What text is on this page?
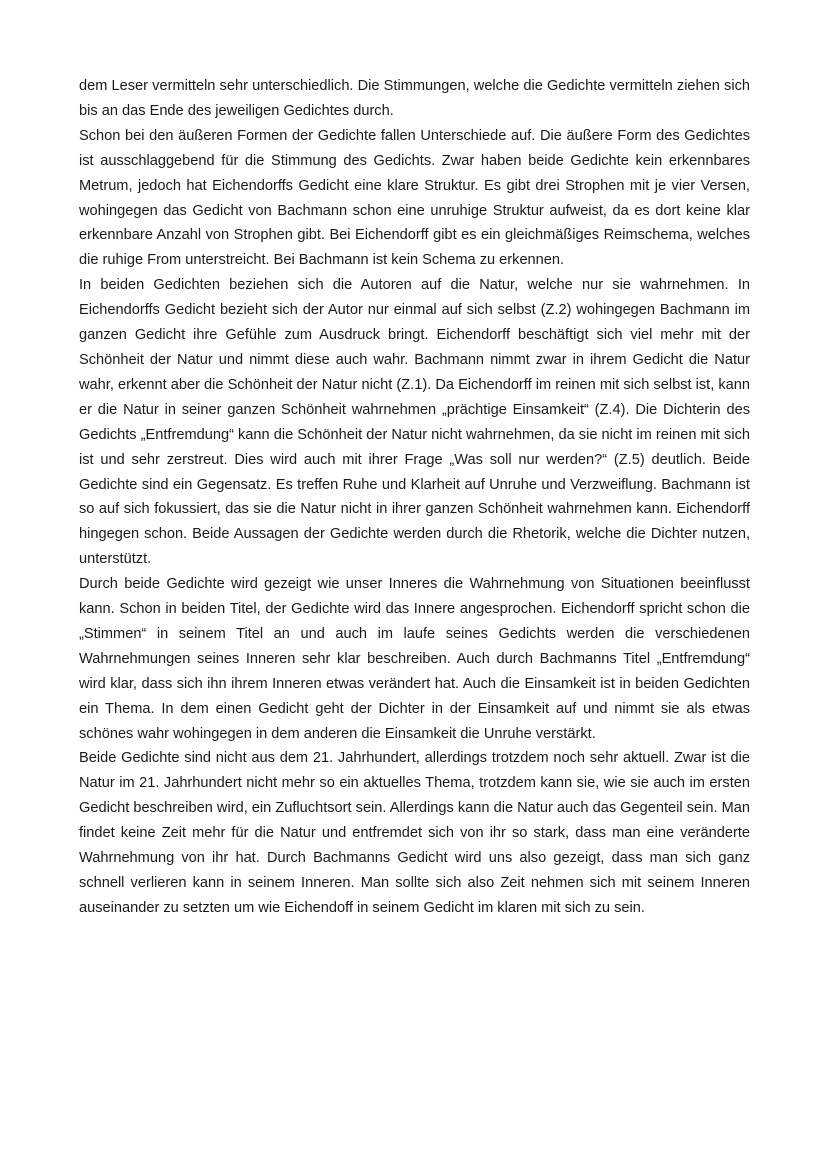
dem Leser vermitteln sehr unterschiedlich. Die Stimmungen, welche die Gedichte vermitteln ziehen sich bis an das Ende des jeweiligen Gedichtes durch.

Schon bei den äußeren Formen der Gedichte fallen Unterschiede auf. Die äußere Form des Gedichtes ist ausschlaggebend für die Stimmung des Gedichts. Zwar haben beide Gedichte kein erkennbares Metrum, jedoch hat Eichendorffs Gedicht eine klare Struktur. Es gibt drei Strophen mit je vier Versen, wohingegen das Gedicht von Bachmann schon eine unruhige Struktur aufweist, da es dort keine klar erkennbare Anzahl von Strophen gibt. Bei Eichendorff gibt es ein gleichmäßiges Reimschema, welches die ruhige From unterstreicht. Bei Bachmann ist kein Schema zu erkennen.

In beiden Gedichten beziehen sich die Autoren auf die Natur, welche nur sie wahrnehmen. In Eichendorffs Gedicht bezieht sich der Autor nur einmal auf sich selbst (Z.2) wohingegen Bachmann im ganzen Gedicht ihre Gefühle zum Ausdruck bringt. Eichendorff beschäftigt sich viel mehr mit der Schönheit der Natur und nimmt diese auch wahr. Bachmann nimmt zwar in ihrem Gedicht die Natur wahr, erkennt aber die Schönheit der Natur nicht (Z.1). Da Eichendorff im reinen mit sich selbst ist, kann er die Natur in seiner ganzen Schönheit wahrnehmen „prächtige Einsamkeit“ (Z.4). Die Dichterin des Gedichts „Entfremdung“ kann die Schönheit der Natur nicht wahrnehmen, da sie nicht im reinen mit sich ist und sehr zerstreut. Dies wird auch mit ihrer Frage „Was soll nur werden?“ (Z.5) deutlich. Beide Gedichte sind ein Gegensatz. Es treffen Ruhe und Klarheit auf Unruhe und Verzweiflung. Bachmann ist so auf sich fokussiert, das sie die Natur nicht in ihrer ganzen Schönheit wahrnehmen kann. Eichendorff hingegen schon. Beide Aussagen der Gedichte werden durch die Rhetorik, welche die Dichter nutzen, unterstützt.

Durch beide Gedichte wird gezeigt wie unser Inneres die Wahrnehmung von Situationen beeinflusst kann. Schon in beiden Titel, der Gedichte wird das Innere angesprochen. Eichendorff spricht schon die „Stimmen“ in seinem Titel an und auch im laufe seines Gedichts werden die verschiedenen Wahrnehmungen seines Inneren sehr klar beschreiben. Auch durch Bachmanns Titel „Entfremdung“ wird klar, dass sich ihn ihrem Inneren etwas verändert hat. Auch die Einsamkeit ist in beiden Gedichten ein Thema. In dem einen Gedicht geht der Dichter in der Einsamkeit auf und nimmt sie als etwas schönes wahr wohingegen in dem anderen die Einsamkeit die Unruhe verstärkt.

Beide Gedichte sind nicht aus dem 21. Jahrhundert, allerdings trotzdem noch sehr aktuell. Zwar ist die Natur im 21. Jahrhundert nicht mehr so ein aktuelles Thema, trotzdem kann sie, wie sie auch im ersten Gedicht beschreiben wird, ein Zufluchtsort sein. Allerdings kann die Natur auch das Gegenteil sein. Man findet keine Zeit mehr für die Natur und entfremdet sich von ihr so stark, dass man eine veränderte Wahrnehmung von ihr hat. Durch Bachmanns Gedicht wird uns also gezeigt, dass man sich ganz schnell verlieren kann in seinem Inneren. Man sollte sich also Zeit nehmen sich mit seinem Inneren auseinander zu setzten um wie Eichendoff in seinem Gedicht im klaren mit sich zu sein.
